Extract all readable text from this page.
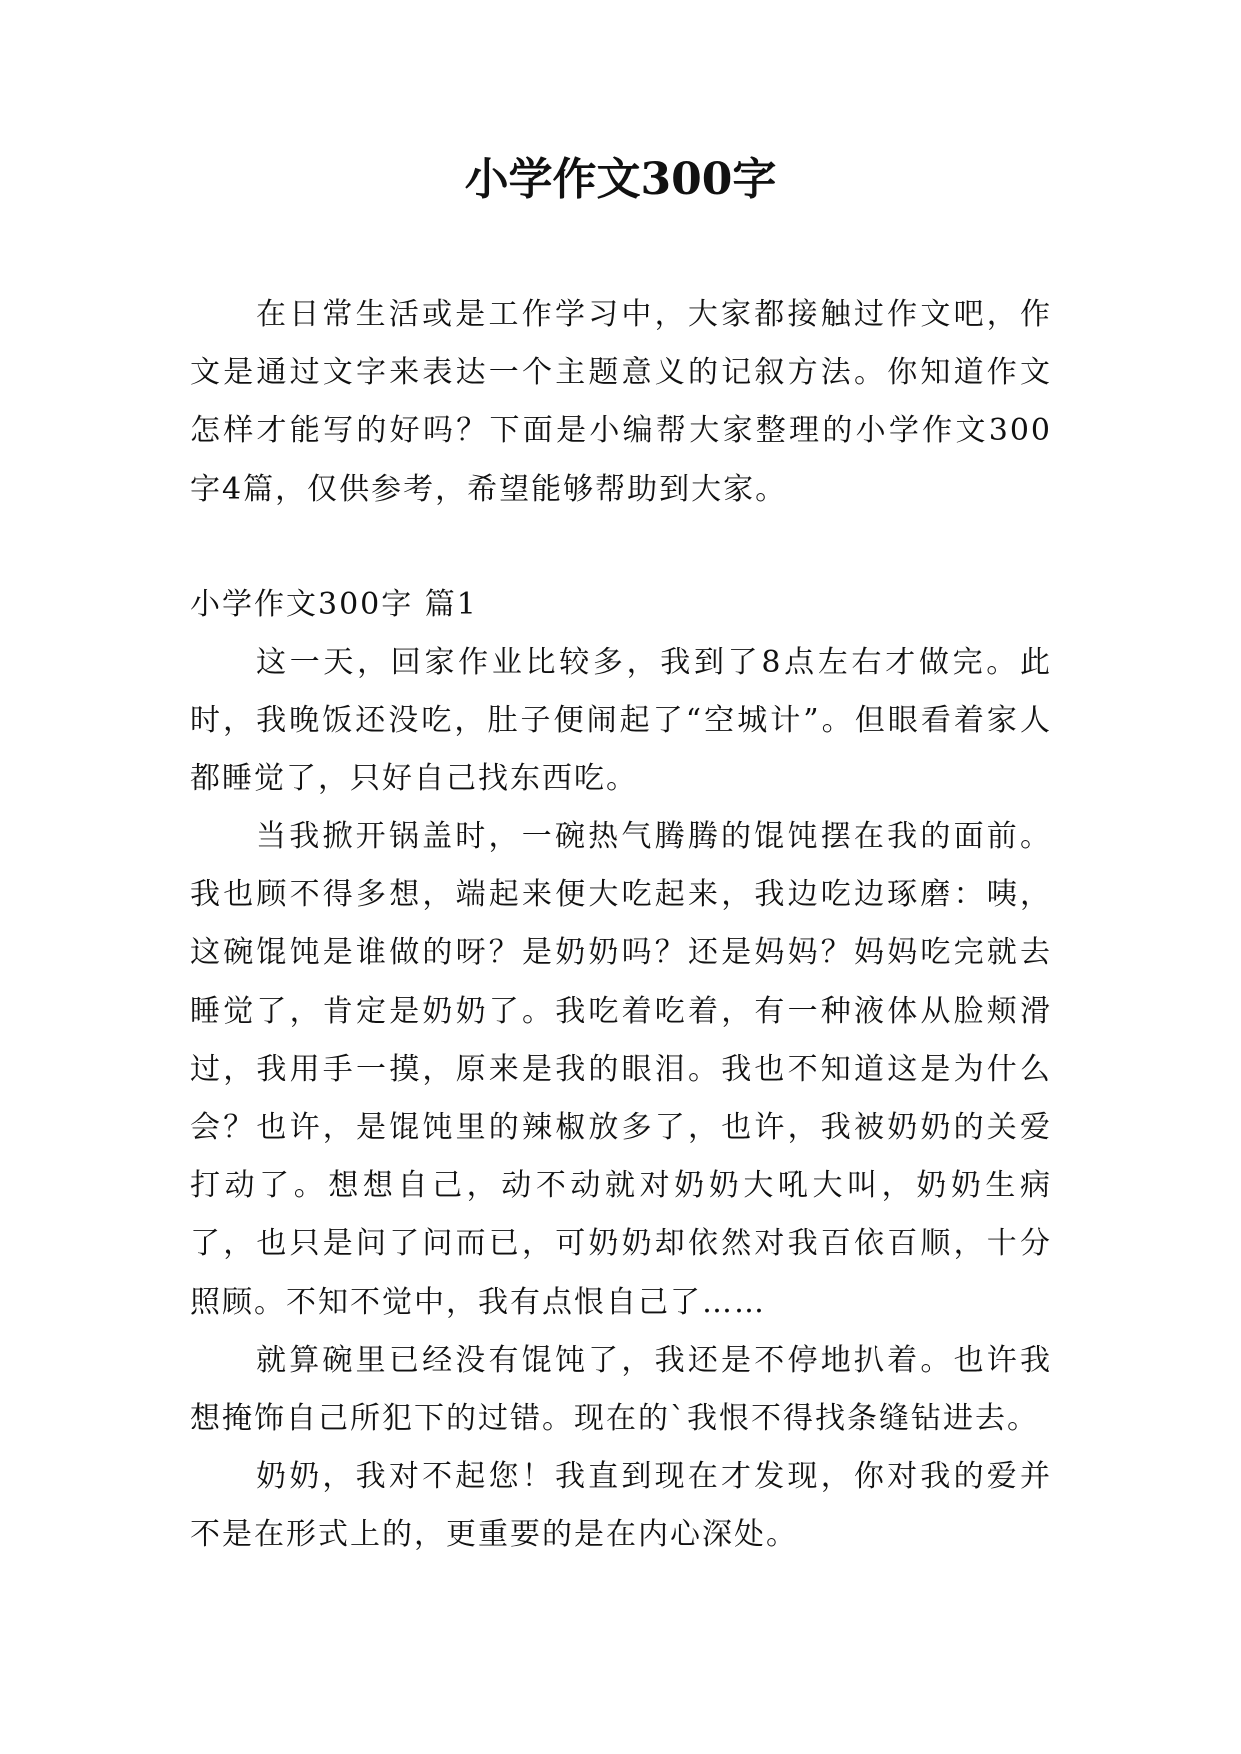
小学作文300字

在日常生活或是工作学习中，大家都接触过作文吧，作文是通过文字来表达一个主题意义的记叙方法。你知道作文怎样才能写的好吗？下面是小编帮大家整理的小学作文300字4篇，仅供参考，希望能够帮助到大家。

小学作文300字 篇1

这一天，回家作业比较多，我到了8点左右才做完。此时，我晚饭还没吃，肚子便闹起了“空城计”。但眼看着家人都睡觉了，只好自己找东西吃。

当我掀开锅盖时，一碗热气腾腾的馄饨摆在我的面前。我也顾不得多想，端起来便大吃起来，我边吃边琢磨：咦，这碗馄饨是谁做的呀？是奶奶吗？还是妈妈？妈妈吃完就去睡觉了，肯定是奶奶了。我吃着吃着，有一种液体从脸颊滑过，我用手一摸，原来是我的眼泪。我也不知道这是为什么会？也许，是馄饨里的辣椒放多了，也许，我被奶奶的关爱打动了。想想自己，动不动就对奶奶大吼大叫，奶奶生病了，也只是问了问而已，可奶奶却依然对我百依百顺，十分照顾。不知不觉中，我有点恨自己了……

就算碗里已经没有馄饨了，我还是不停地扒着。也许我想掩饰自己所犯下的过错。现在的`我恨不得找条缝钻进去。

奶奶，我对不起您！我直到现在才发现，你对我的爱并不是在形式上的，更重要的是在内心深处。
